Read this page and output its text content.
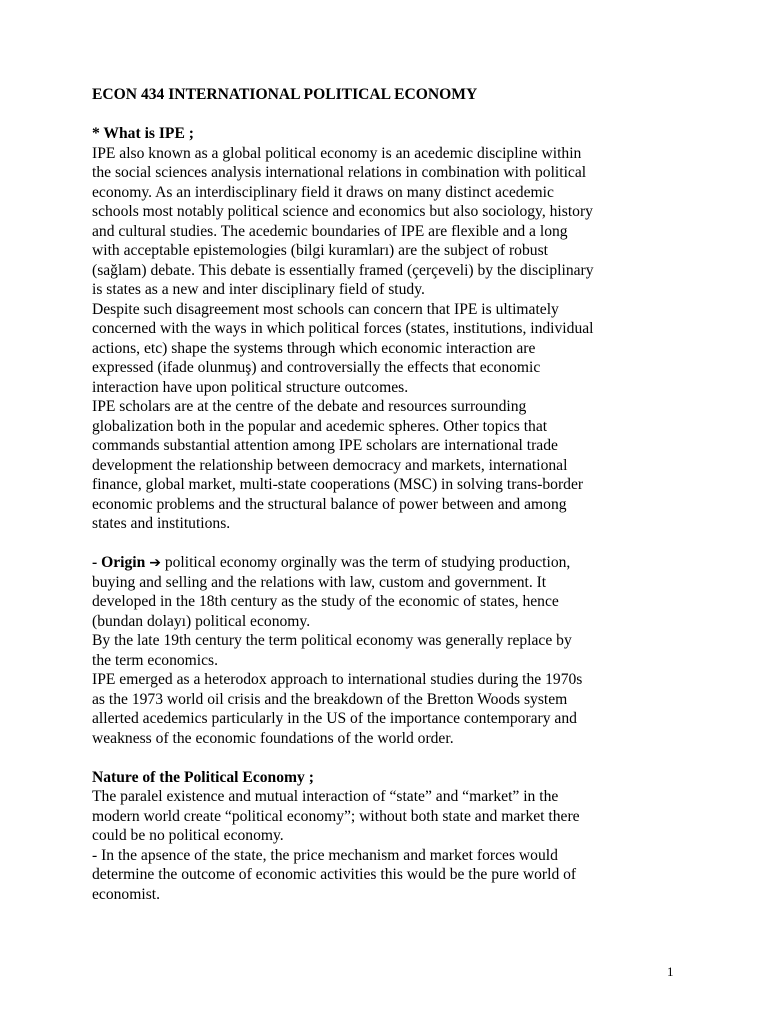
ECON 434 INTERNATIONAL POLITICAL ECONOMY
* What is IPE ;
IPE also known as a global political economy is an acedemic discipline within
the social sciences analysis international relations in combination with political
economy. As an interdisciplinary field it draws on many distinct acedemic
schools most notably political science and economics but also sociology, history
and cultural studies. The acedemic boundaries of IPE are flexible and a long
with acceptable epistemologies (bilgi kuramları) are the subject of robust
(sağlam) debate. This debate is essentially framed (çerçeveli) by the disciplinary
is states as a new and inter disciplinary field of study.
Despite such disagreement most schools can concern that IPE is ultimately
concerned with the ways in which political forces (states, institutions, individual
actions, etc) shape the systems through which economic interaction are
expressed (ifade olunmuş) and controversially the effects that economic
interaction have upon political structure outcomes.
IPE scholars are at the centre of the debate and resources surrounding
globalization both in the popular and acedemic spheres. Other topics that
commands substantial attention among IPE scholars are international trade
development the relationship between democracy and markets, international
finance, global market, multi-state cooperations (MSC) in solving trans-border
economic problems and the structural balance of power between and among
states and institutions.
- Origin ➔ political economy orginally was the term of studying production,
buying and selling and the relations with law, custom and government. It
developed in the 18th century as the study of the economic of states, hence
(bundan dolayı) political economy.
By the late 19th century the term political economy was generally replace by
the term economics.
IPE emerged as a heterodox approach to international studies during the 1970s
as the 1973 world oil crisis and the breakdown of the Bretton Woods system
allerted acedemics particularly in the US of the importance contemporary and
weakness of the economic foundations of the world order.
Nature of the Political Economy ;
The paralel existence and mutual interaction of “state” and “market” in the
modern world create “political economy”; without both state and market there
could be no political economy.
- In the apsence of the state, the price mechanism and market forces would
determine the outcome of economic activities this would be the pure world of
economist.
1
